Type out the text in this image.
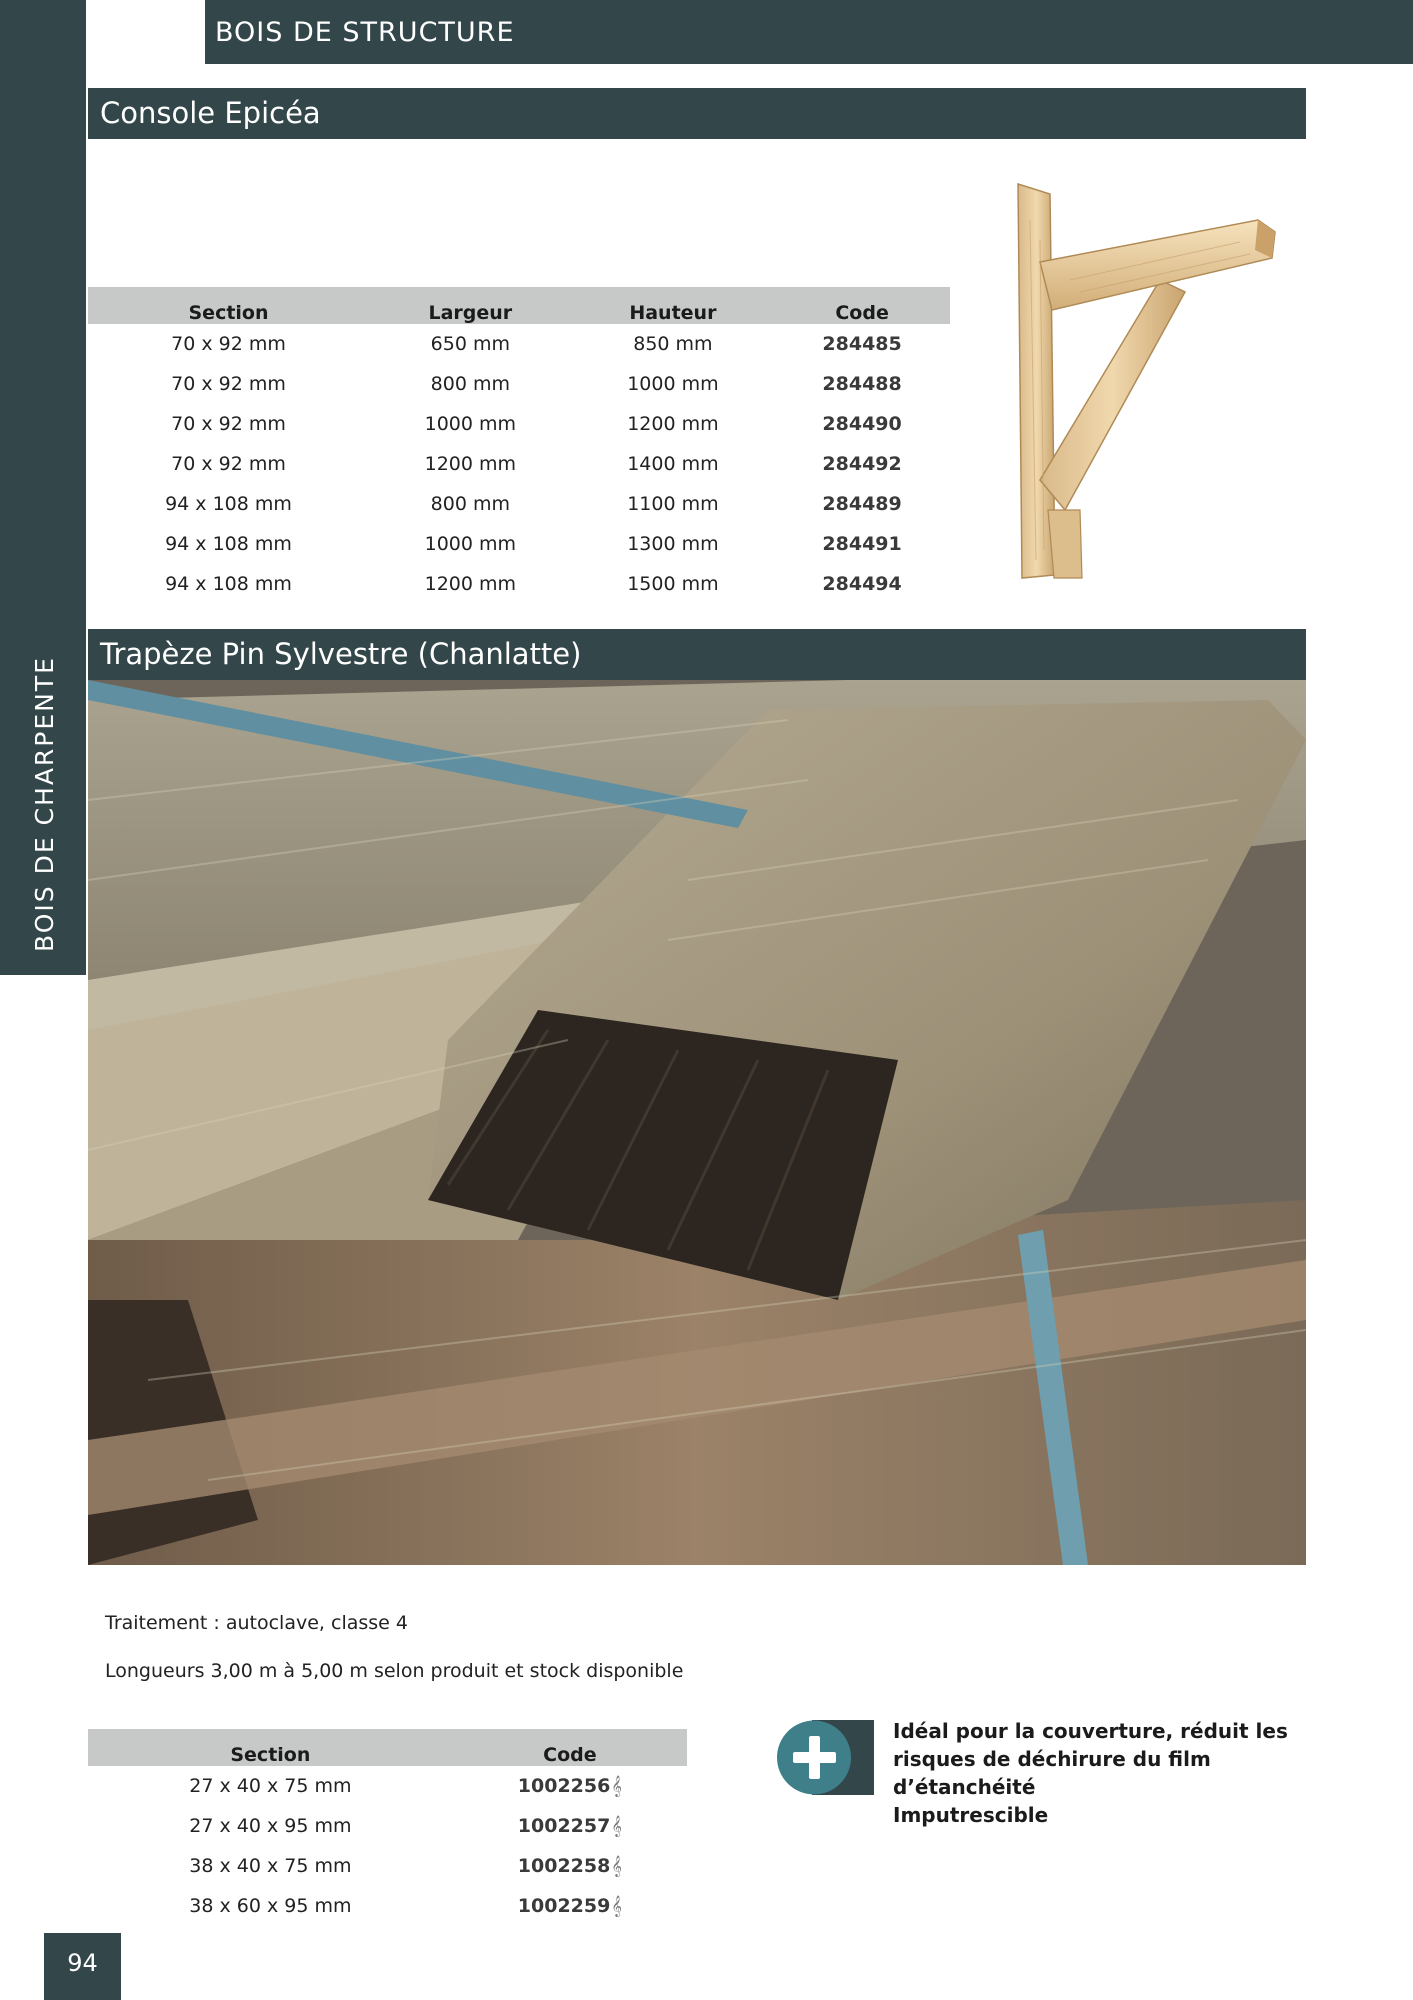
BOIS DE CHARPENTE
BOIS DE STRUCTURE
Console Epicéa
Section	Largeur	Hauteur	Code
70 x 92 mm	650 mm	850 mm	284485
70 x 92 mm	800 mm	1000 mm	284488
70 x 92 mm	1000 mm	1200 mm	284490
70 x 92 mm	1200 mm	1400 mm	284492
94 x 108 mm	800 mm	1100 mm	284489
94 x 108 mm	1000 mm	1300 mm	284491
94 x 108 mm	1200 mm	1500 mm	284494
Trapèze Pin Sylvestre (Chanlatte)
Traitement : autoclave, classe 4
Longueurs 3,00 m à 5,00 m selon produit et stock disponible
Section	Code
27 x 40 x 75 mm	1002256𝄞
27 x 40 x 95 mm	1002257𝄞
38 x 40 x 75 mm	1002258𝄞
38 x 60 x 95 mm	1002259𝄞
Idéal pour la couverture, réduit les
risques de déchirure du film d’étanchéité
Imputrescible
94
